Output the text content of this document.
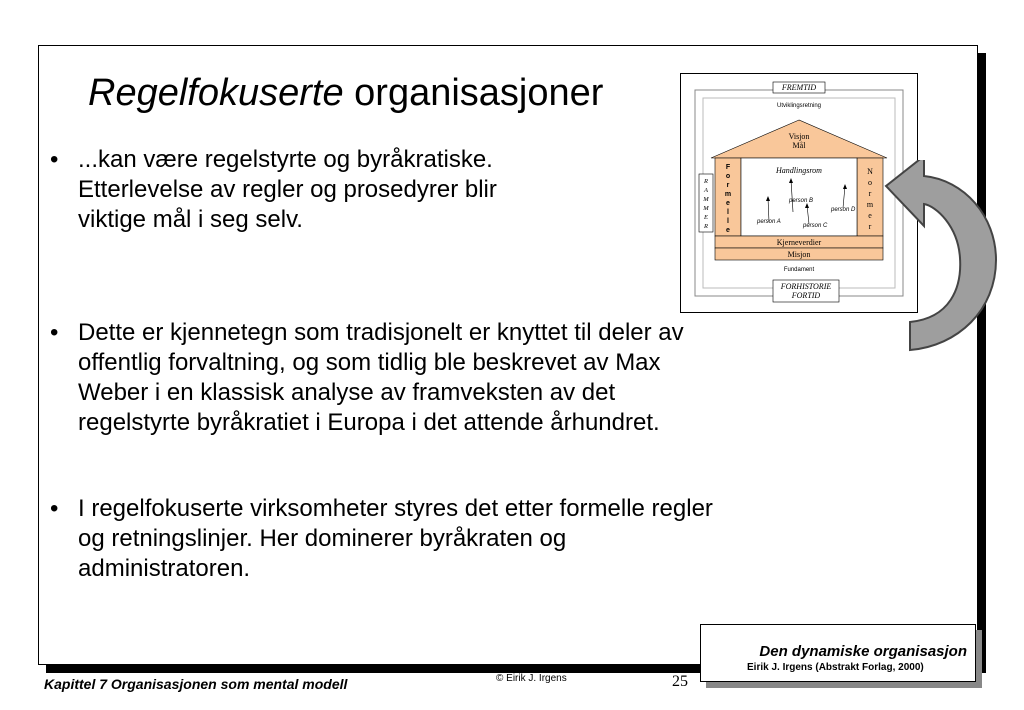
Regelfokuserte organisasjoner
• ...kan være regelstyrte og byråkratiske.
Etterlevelse av regler og prosedyrer blir
viktige mål i seg selv.
• Dette er kjennetegn som tradisjonelt er knyttet til deler av
offentlig forvaltning, og som tidlig ble beskrevet av Max
Weber i en klassisk analyse av framveksten av det
regelstyrte byråkratiet i Europa i det attende århundret.
• I regelfokuserte virksomheter styres det etter formelle regler
og retningslinjer. Her dominerer byråkraten og
administratoren.
FREMTID
Utviklingsretning
Visjon
Mål
Handlingsrom
person A
person B
person C
person D
Kjerneverdier
Misjon
Fundament
FORHISTORIE
FORTID
F
o
r
m
e
l
l
e
N
o
r
m
e
r
R
A
M
M
E
R
Den dynamiske organisasjon
Eirik J. Irgens (Abstrakt Forlag, 2000)
Kapittel 7 Organisasjonen som mental modell	© Eirik J. Irgens	25
